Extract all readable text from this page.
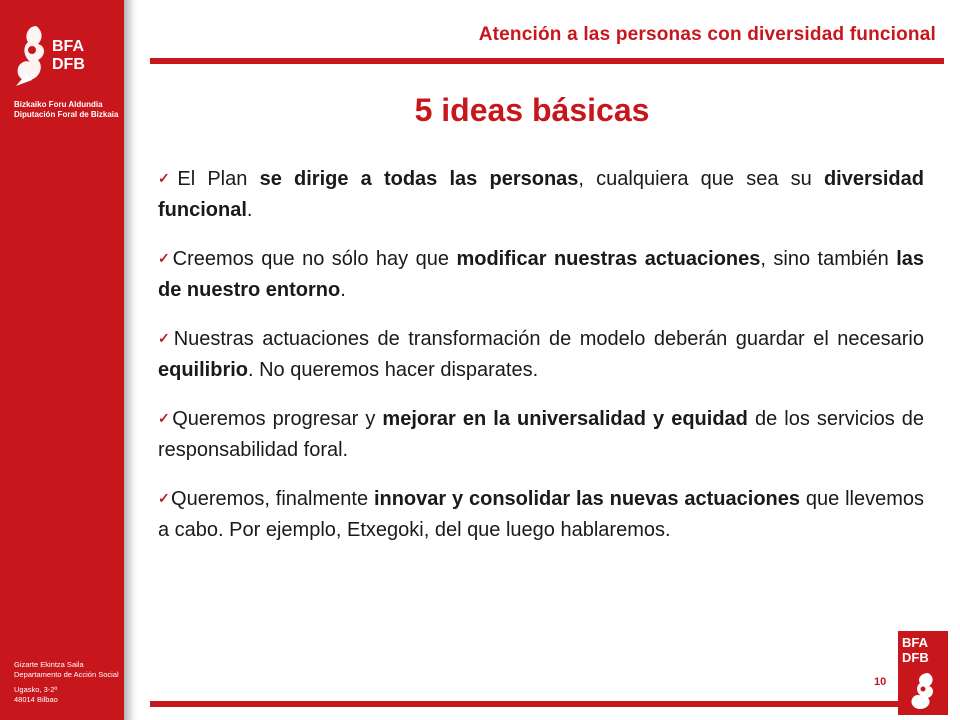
BFA
DFB
Bizkaiko Foru Aldundia
Diputación Foral de Bizkaia
Gizarte Ekintza Saila
Departamento de Acción Social
Ugasko, 3-2ª
48014 Bilbao
Atención a las personas con diversidad funcional
5 ideas básicas
✓El Plan se dirige a todas las personas, cualquiera que sea su diversidad funcional.
✓Creemos que no sólo hay que modificar nuestras actuaciones, sino también las de nuestro entorno.
✓Nuestras actuaciones de transformación de modelo deberán guardar el necesario equilibrio. No queremos hacer disparates.
✓Queremos progresar y mejorar en la universalidad y equidad de los servicios de responsabilidad foral.
✓Queremos, finalmente innovar y consolidar las nuevas actuaciones que llevemos a cabo. Por ejemplo, Etxegoki, del que luego hablaremos.
10
BFA
DFB
